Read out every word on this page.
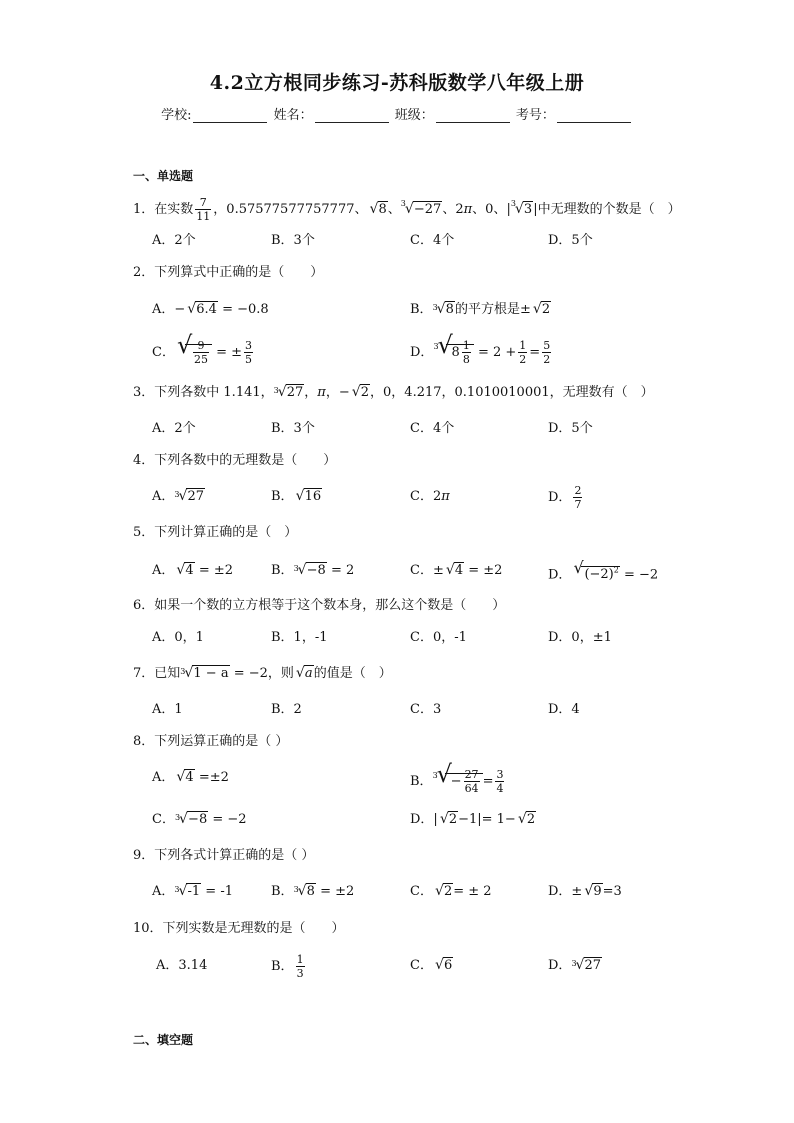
4.2立方根同步练习-苏科版数学八年级上册
学校:	姓名：	班级：	考号：
一、单选题
1．在实数 $\frac{7}{11}$ ，0.57577577757777、 √ 8、$^3$ √ −27、2π、0、$|^3$ √ 3|中无理数的个数是（　）
A．2个	B．3个	C．4个	D．5个
2．下列算式中正确的是（　　）
A．− √ 6.4 = −0.8	B．$^3$ √ 8的平方根是± √ 2
C． √ $\frac{9}{25}$ = ± $\frac{3}{5}$	D．$^3$ √
$8 \frac{1}{8} = 2 + \frac{1}{2} = \frac{5}{2}$
3．下列各数中 1.141，$^3$ √ 27，π，− √ 2，0，4.217，0.1010010001，无理数有（　）
A．2个	B．3个	C．4个	D．5个
4．下列各数中的无理数是（　　）
A．$^3$ √ 27	B． √ 16	C．2π	D． $\frac{2}{7}$
5．下列计算正确的是（　）
A． √ 4 = ±2	B．$^3$ √ −8 = 2	C．± √ 4 = ±2	D． √ $(-2)^2 = -2$
6．如果一个数的立方根等于这个数本身，那么这个数是（　　）
A．0，1	B．1，-1	C．0，-1	D．0，±1
7．已知$^3$ √ 1 − a = −2，则 √ a的值是（　）
A．1	B．2	C．3	D．4
8．下列运算正确的是（ ）
A． √ 4 =±2	B．$^3$ √
− $\frac{27}{64} = \frac{3}{4}$
C．$^3$ √ −8 = −2	D．| √ 2−1|= 1− √ 2
9．下列各式计算正确的是（ ）
A．$^3$ √ -1 = -1	B．$^3$ √ 8 = ±2	C． √ 2= ± 2	D．± √ 9=3
10．下列实数是无理数的是（　　）
A．3.14	B． $\frac{1}{3}$	C． √ 6	D．$^3$ √ 27
二、填空题
